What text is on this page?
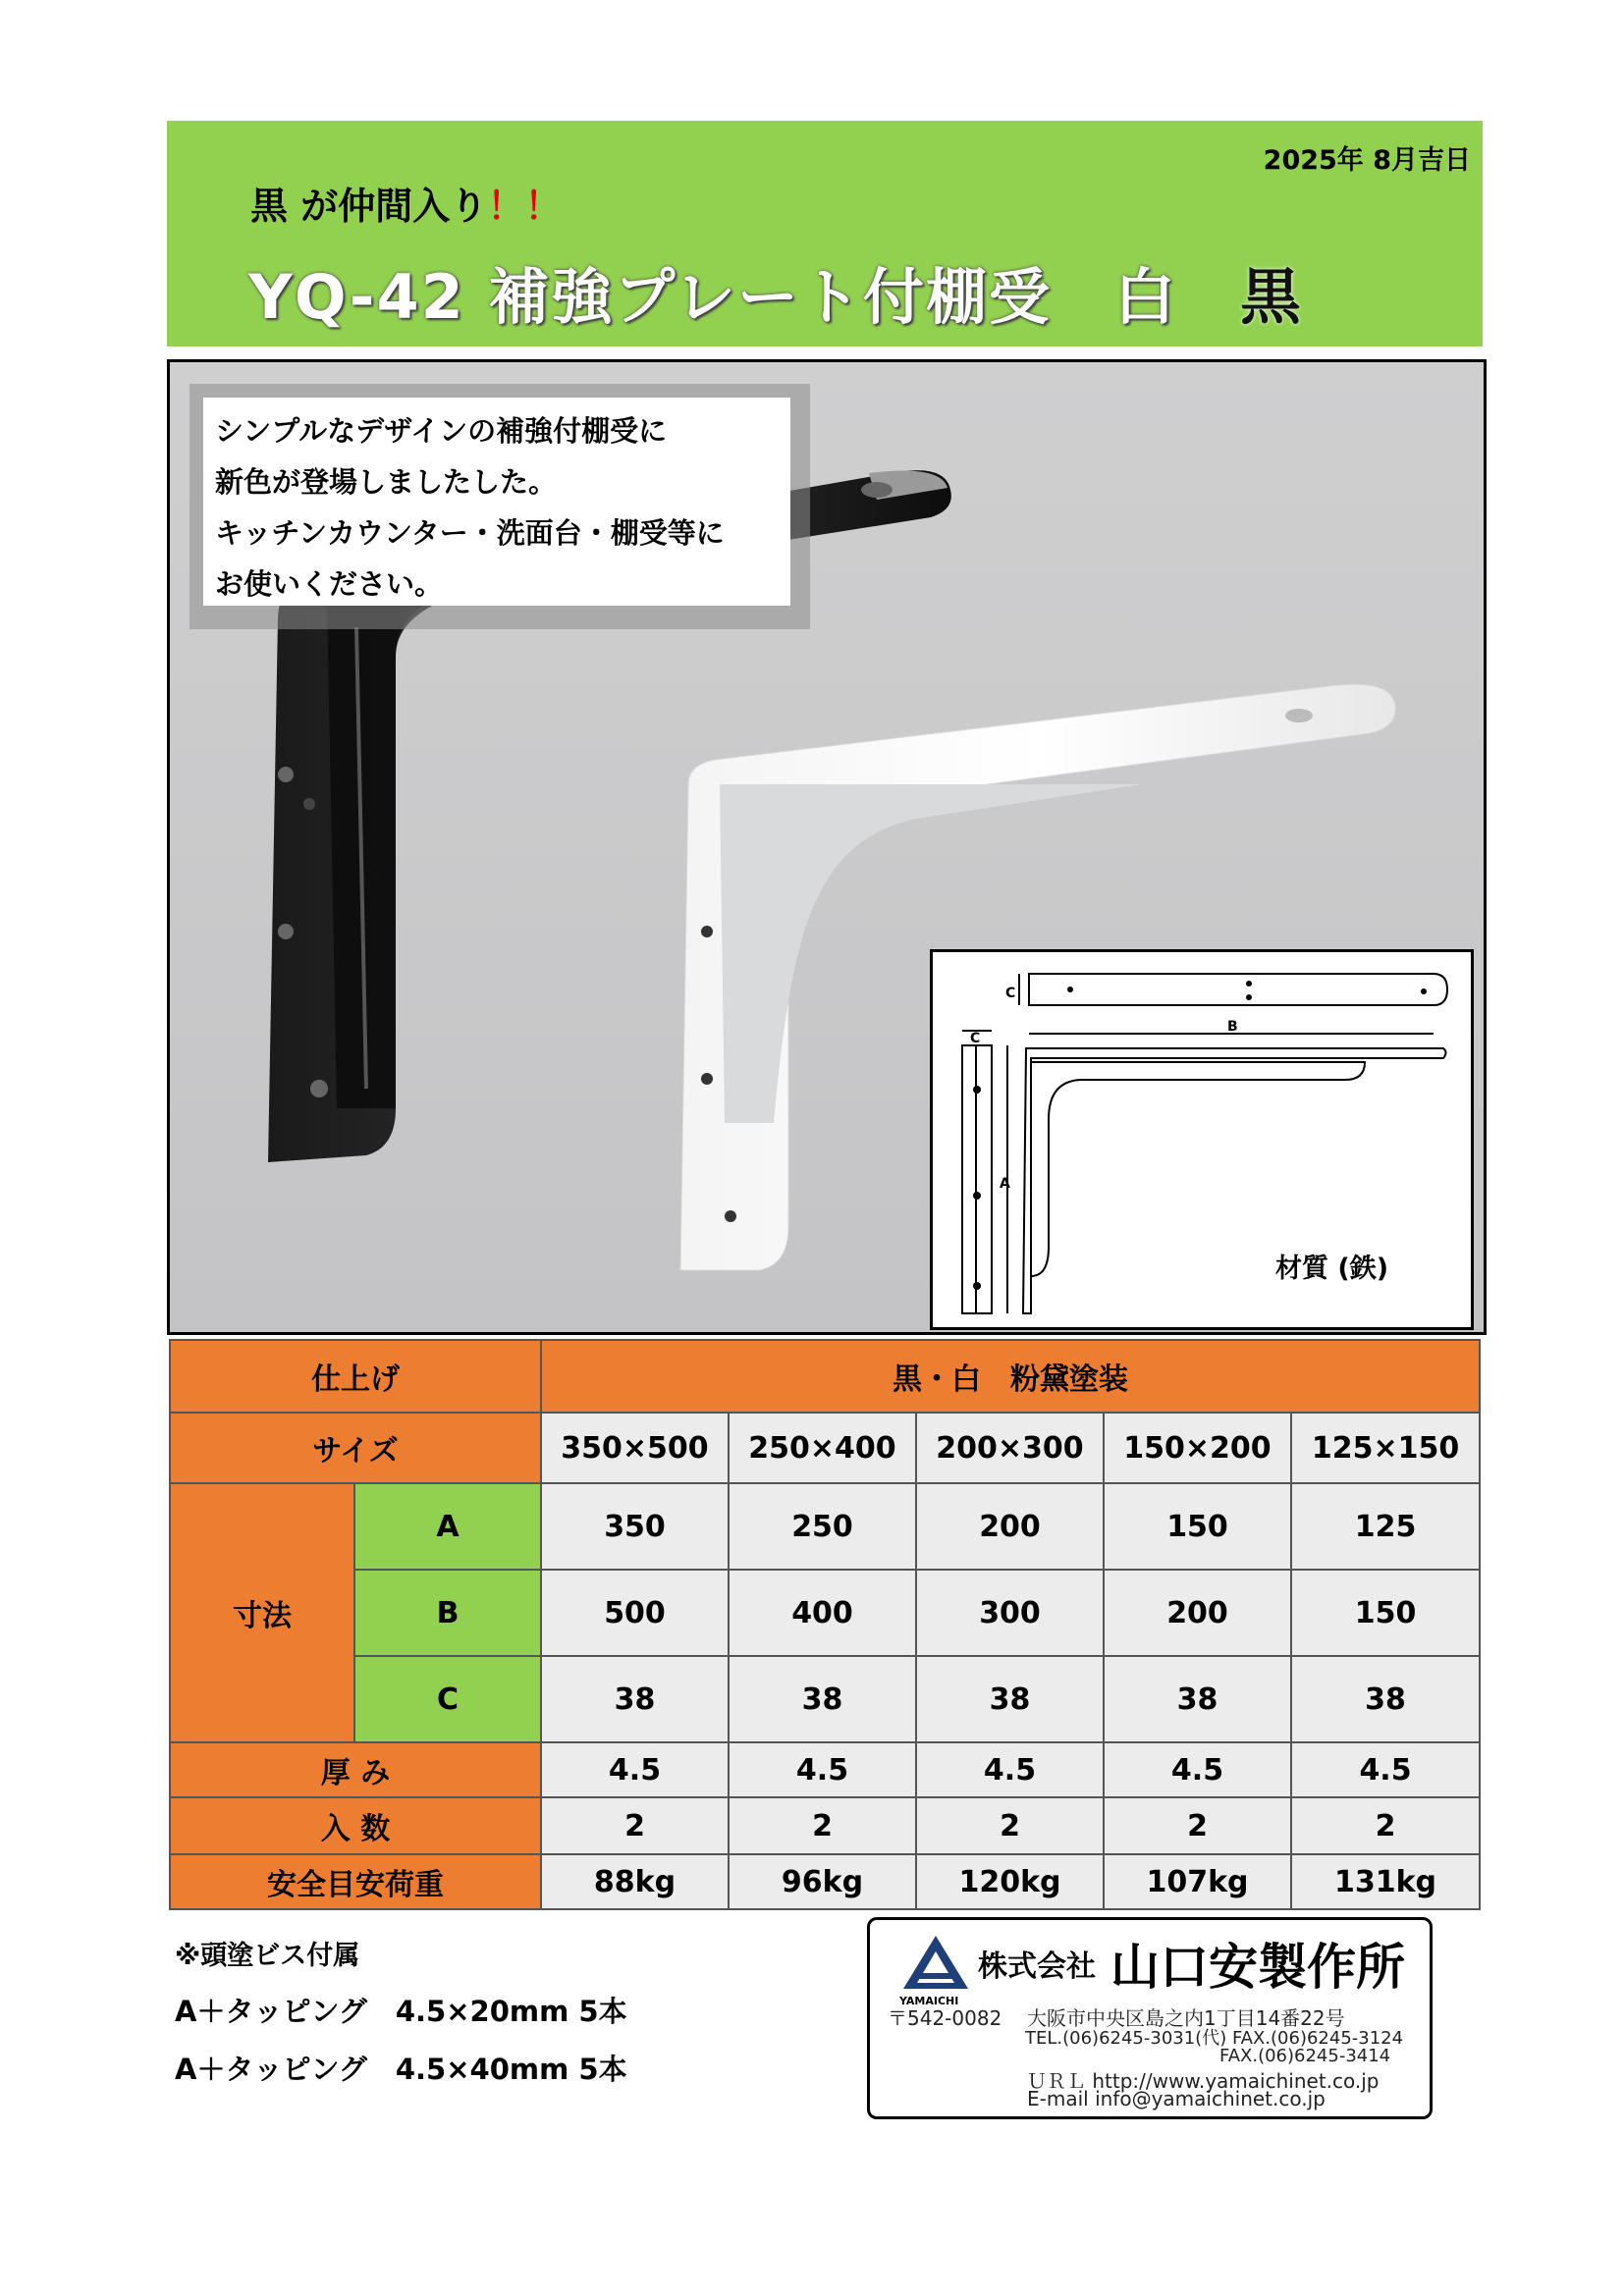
2025年 8月吉日
黒 が仲間入り！！
YQ-42 補強プレート付棚受　白　 黒
シンプルなデザインの補強付棚受に
新色が登場しましたした。
キッチンカウンター・洗面台・棚受等に
お使いください。
C
B
C
A
材質 (鉄)
仕上げ		黒・白　粉黛塗装				
サイズ		350×500	250×400	200×300	150×200	125×150
寸法	A	350	250	200	150	125
	B	500	400	300	200	150
	C	38	38	38	38	38
厚 み		4.5	4.5	4.5	4.5	4.5
入 数		2	2	2	2	2
安全目安荷重		88kg	96kg	120kg	107kg	131kg
※頭塗ビス付属
A＋タッピング　4.5×20mm 5本
A＋タッピング　4.5×40mm 5本
YAMAICHI
株式会社 山口安製作所
〒542-0082 大阪市中央区島之内1丁目14番22号
TEL.(06)6245-3031(代) FAX.(06)6245-3124
FAX.(06)6245-3414
ＵＲＬ http://www.yamaichinet.co.jp
E-mail info@yamaichinet.co.jp
